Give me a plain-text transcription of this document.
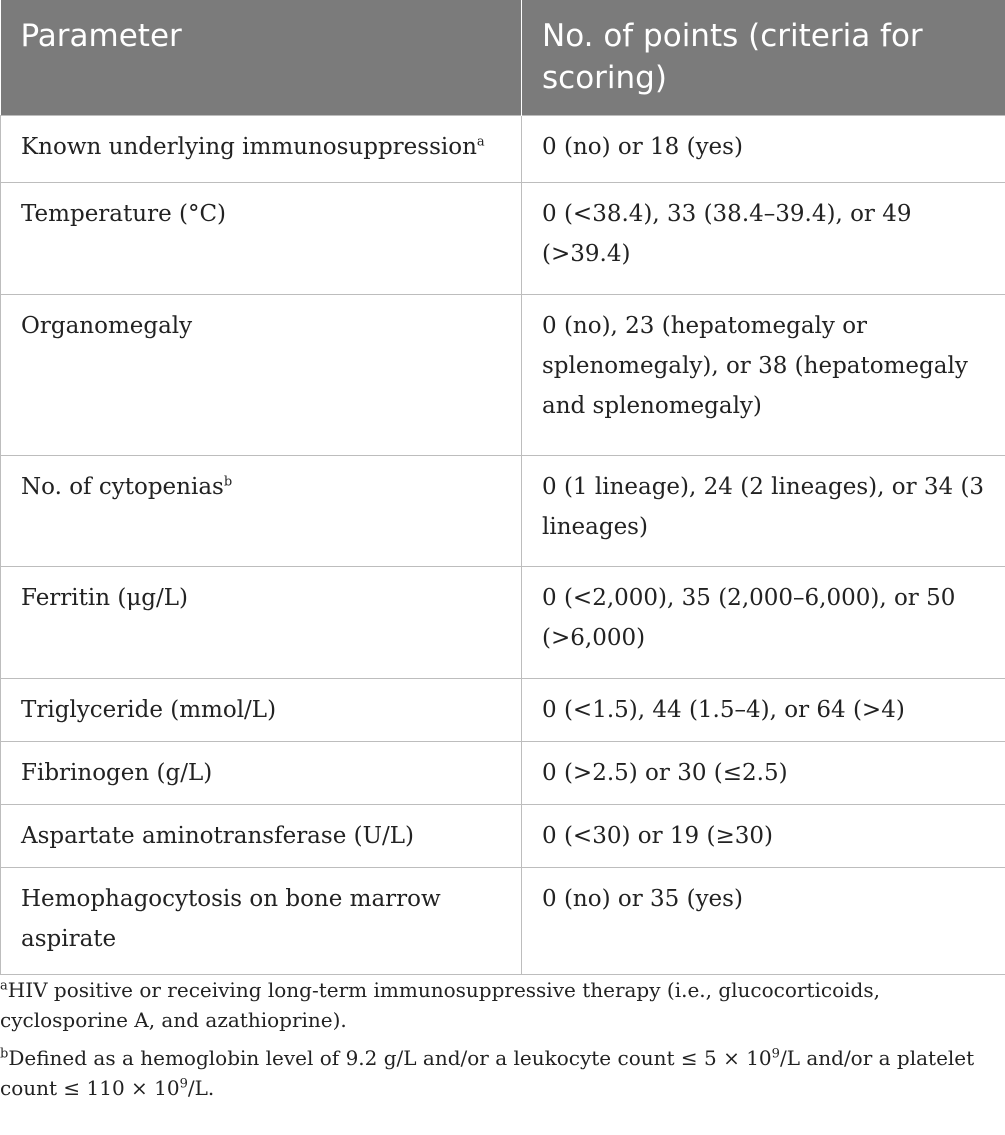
Parameter	No. of points (criteria for scoring)
Known underlying immunosuppression$^a$	0 (no) or 18 (yes)
Temperature (°C)	0 (<38.4), 33 (38.4–39.4), or 49 (>39.4)
Organomegaly	0 (no), 23 (hepatomegaly or splenomegaly), or 38 (hepatomegaly and splenomegaly)
No. of cytopenias$^b$	0 (1 lineage), 24 (2 lineages), or 34 (3 lineages)
Ferritin (μg/L)	0 (<2,000), 35 (2,000–6,000), or 50 (>6,000)
Triglyceride (mmol/L)	0 (<1.5), 44 (1.5–4), or 64 (>4)
Fibrinogen (g/L)	0 (>2.5) or 30 (≤2.5)
Aspartate aminotransferase (U/L)	0 (<30) or 19 (≥30)
Hemophagocytosis on bone marrow aspirate	0 (no) or 35 (yes)

$^a$HIV positive or receiving long-term immunosuppressive therapy (i.e., glucocorticoids, cyclosporine A, and azathioprine).

$^b$Defined as a hemoglobin level of 9.2 g/L and/or a leukocyte count ≤ $5 \times 10^9/L$ and/or a platelet count ≤ $110 \times 10^9/L$.
